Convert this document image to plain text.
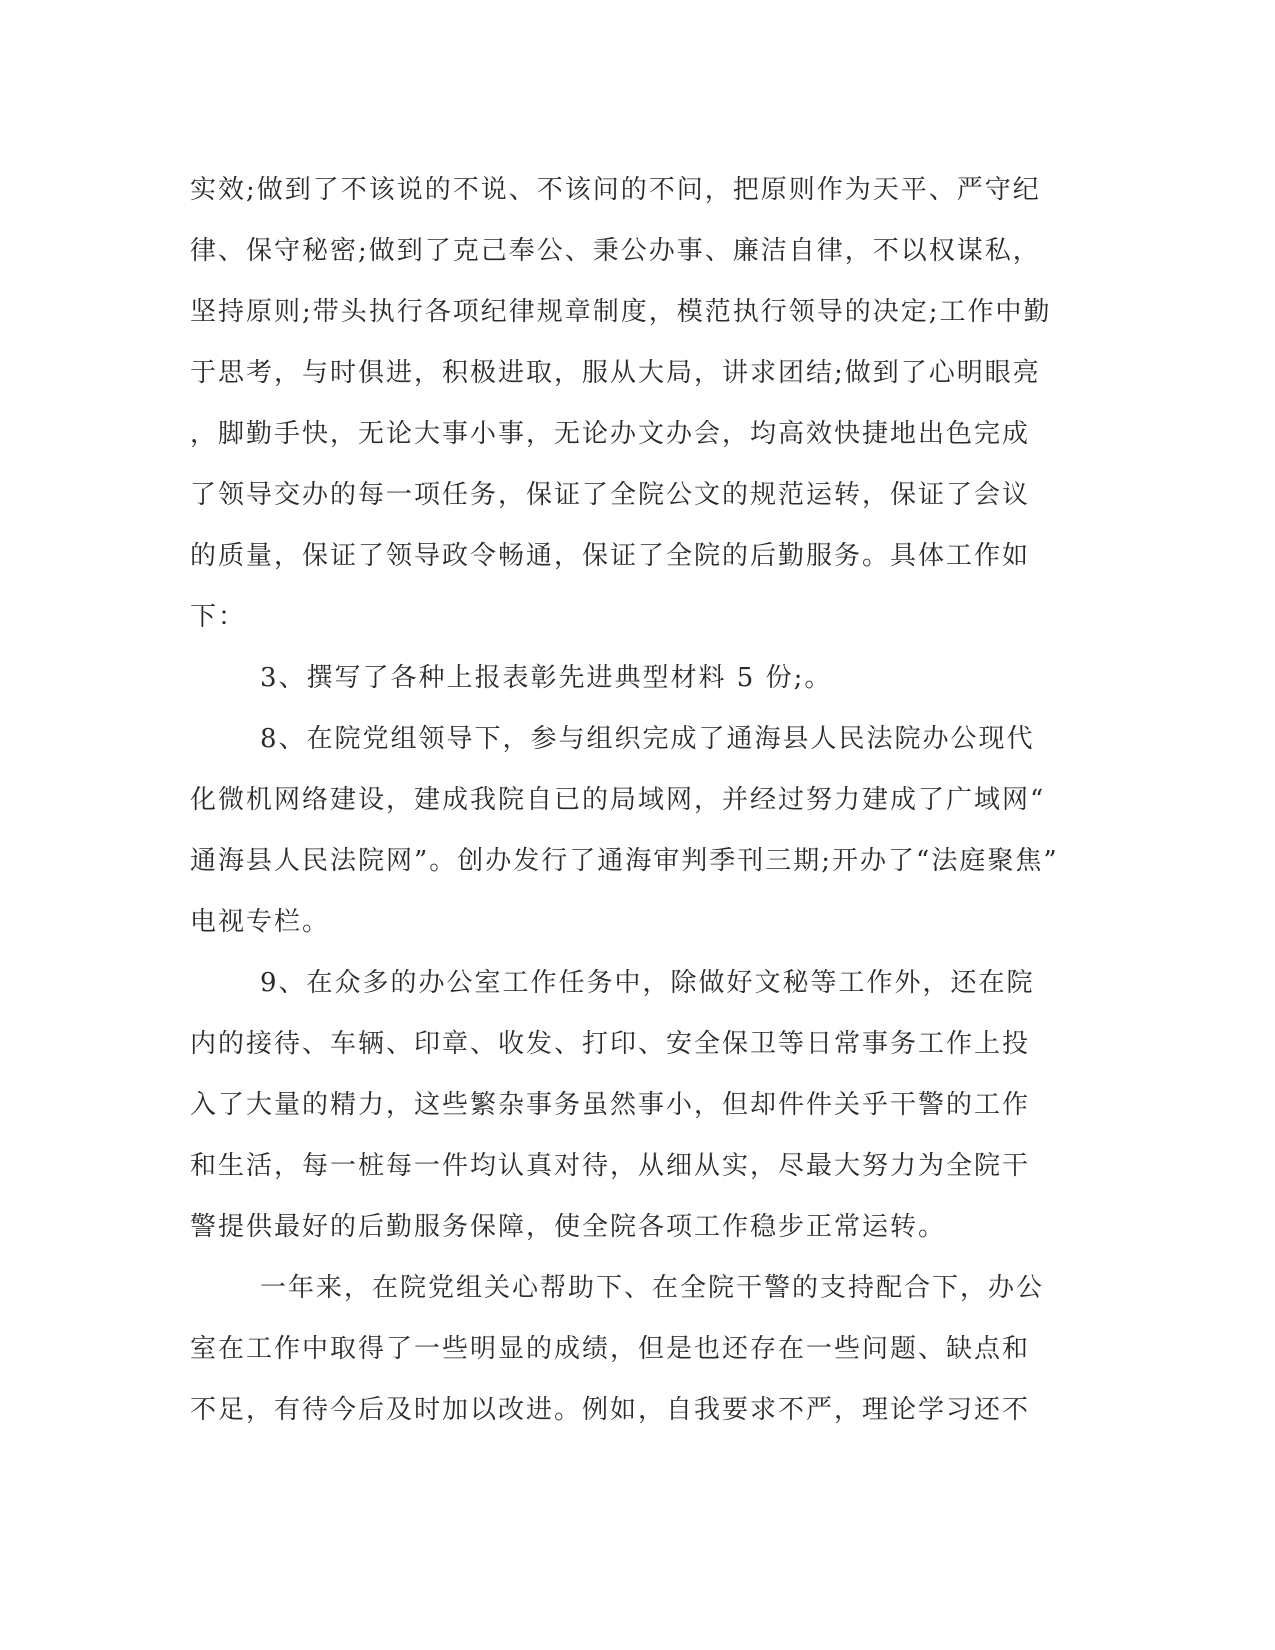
实效;做到了不该说的不说、不该问的不问，把原则作为天平、严守纪
律、保守秘密;做到了克己奉公、秉公办事、廉洁自律，不以权谋私，
坚持原则;带头执行各项纪律规章制度，模范执行领导的决定;工作中勤
于思考，与时俱进，积极进取，服从大局，讲求团结;做到了心明眼亮
，脚勤手快，无论大事小事，无论办文办会，均高效快捷地出色完成
了领导交办的每一项任务，保证了全院公文的规范运转，保证了会议
的质量，保证了领导政令畅通，保证了全院的后勤服务。具体工作如
下：
3、撰写了各种上报表彰先进典型材料 5 份;。
8、在院党组领导下，参与组织完成了通海县人民法院办公现代
化微机网络建设，建成我院自已的局域网，并经过努力建成了广域网“
通海县人民法院网”。创办发行了通海审判季刊三期;开办了“法庭聚焦”
电视专栏。
9、在众多的办公室工作任务中，除做好文秘等工作外，还在院
内的接待、车辆、印章、收发、打印、安全保卫等日常事务工作上投
入了大量的精力，这些繁杂事务虽然事小，但却件件关乎干警的工作
和生活，每一桩每一件均认真对待，从细从实，尽最大努力为全院干
警提供最好的后勤服务保障，使全院各项工作稳步正常运转。
一年来，在院党组关心帮助下、在全院干警的支持配合下，办公
室在工作中取得了一些明显的成绩，但是也还存在一些问题、缺点和
不足，有待今后及时加以改进。例如，自我要求不严，理论学习还不
